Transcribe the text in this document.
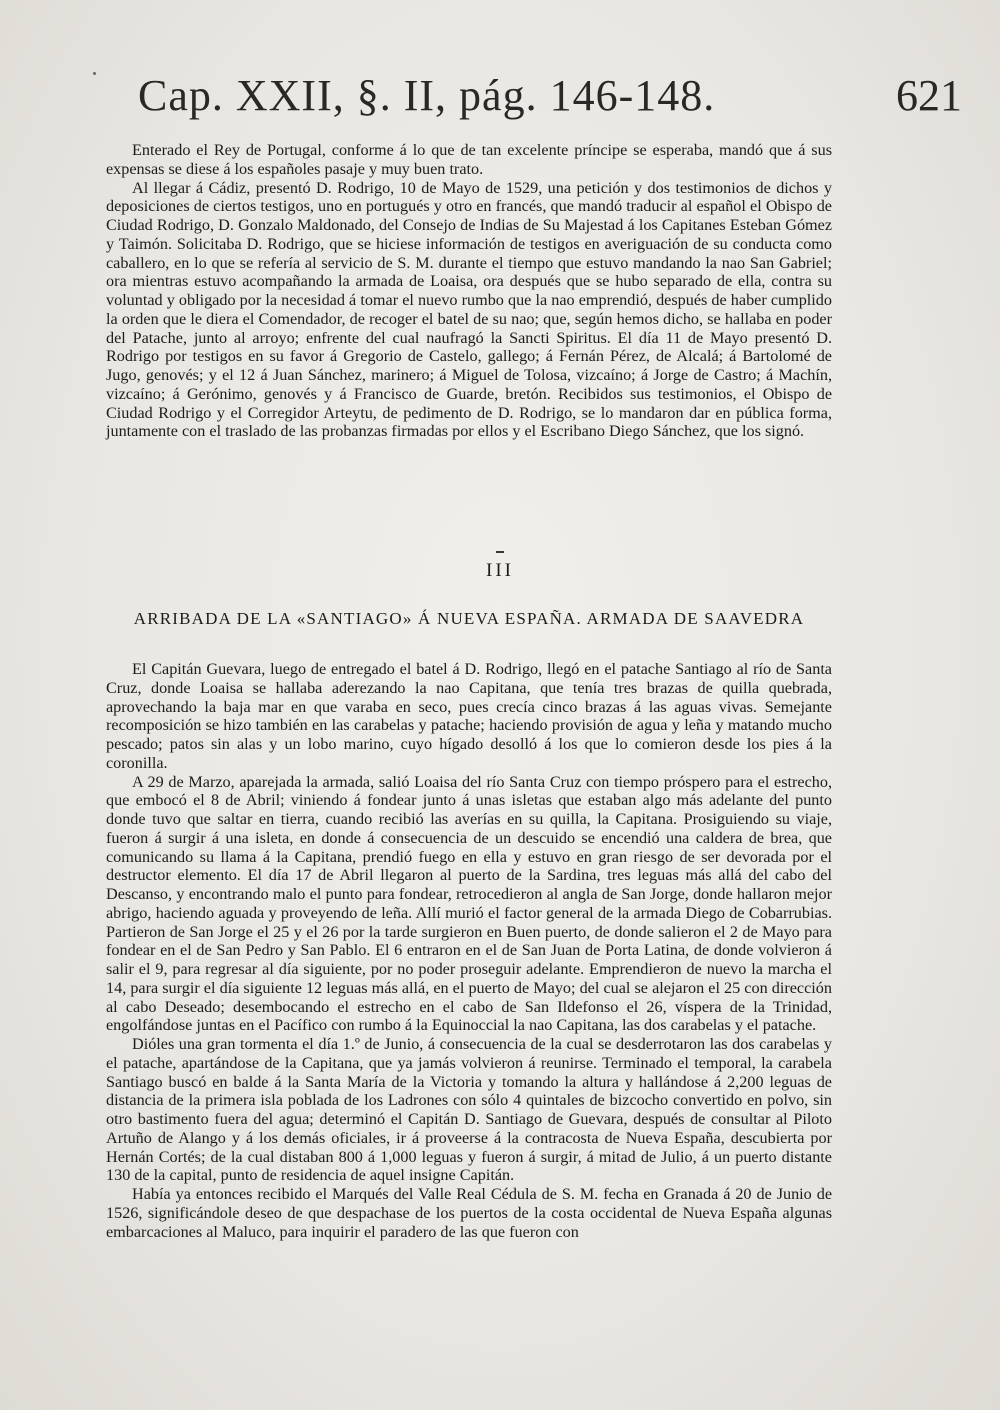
Cap. XXII, §. II, pág. 146-148.	621

Enterado el Rey de Portugal, conforme á lo que de tan excelente príncipe se esperaba, mandó que á sus expensas se diese á los españoles pasaje y muy buen trato.

Al llegar á Cádiz, presentó D. Rodrigo, 10 de Mayo de 1529, una petición y dos testimonios de dichos y deposiciones de ciertos testigos, uno en portugués y otro en francés, que mandó traducir al español el Obispo de Ciudad Rodrigo, D. Gonzalo Maldonado, del Consejo de Indias de Su Majestad á los Capitanes Esteban Gómez y Taimón. Solicitaba D. Rodrigo, que se hiciese información de testigos en averiguación de su conducta como caballero, en lo que se refería al servicio de S. M. durante el tiempo que estuvo mandando la nao San Gabriel; ora mientras estuvo acompañando la armada de Loaisa, ora después que se hubo separado de ella, contra su voluntad y obligado por la necesidad á tomar el nuevo rumbo que la nao emprendió, después de haber cumplido la orden que le diera el Comendador, de recoger el batel de su nao; que, según hemos dicho, se hallaba en poder del Patache, junto al arroyo; enfrente del cual naufragó la Sancti Spiritus. El día 11 de Mayo presentó D. Rodrigo por testigos en su favor á Gregorio de Castelo, gallego; á Fernán Pérez, de Alcalá; á Bartolomé de Jugo, genovés; y el 12 á Juan Sánchez, marinero; á Miguel de Tolosa, vizcaíno; á Jorge de Castro; á Machín, vizcaíno; á Gerónimo, genovés y á Francisco de Guarde, bretón. Recibidos sus testimonios, el Obispo de Ciudad Rodrigo y el Corregidor Arteytu, de pedimento de D. Rodrigo, se lo mandaron dar en pública forma, juntamente con el traslado de las probanzas firmadas por ellos y el Escribano Diego Sánchez, que los signó.

III
ARRIBADA DE LA «SANTIAGO» Á NUEVA ESPAÑA. ARMADA DE SAAVEDRA

El Capitán Guevara, luego de entregado el batel á D. Rodrigo, llegó en el patache Santiago al río de Santa Cruz, donde Loaisa se hallaba aderezando la nao Capitana, que tenía tres brazas de quilla quebrada, aprovechando la baja mar en que varaba en seco, pues crecía cinco brazas á las aguas vivas. Semejante recomposición se hizo también en las carabelas y patache; haciendo provisión de agua y leña y matando mucho pescado; patos sin alas y un lobo marino, cuyo hígado desolló á los que lo comieron desde los pies á la coronilla.

A 29 de Marzo, aparejada la armada, salió Loaisa del río Santa Cruz con tiempo próspero para el estrecho, que embocó el 8 de Abril; viniendo á fondear junto á unas isletas que estaban algo más adelante del punto donde tuvo que saltar en tierra, cuando recibió las averías en su quilla, la Capitana. Prosiguiendo su viaje, fueron á surgir á una isleta, en donde á consecuencia de un descuido se encendió una caldera de brea, que comunicando su llama á la Capitana, prendió fuego en ella y estuvo en gran riesgo de ser devorada por el destructor elemento. El día 17 de Abril llegaron al puerto de la Sardina, tres leguas más allá del cabo del Descanso, y encontrando malo el punto para fondear, retrocedieron al angla de San Jorge, donde hallaron mejor abrigo, haciendo aguada y proveyendo de leña. Allí murió el factor general de la armada Diego de Cobarrubias. Partieron de San Jorge el 25 y el 26 por la tarde surgieron en Buen puerto, de donde salieron el 2 de Mayo para fondear en el de San Pedro y San Pablo. El 6 entraron en el de San Juan de Porta Latina, de donde volvieron á salir el 9, para regresar al día siguiente, por no poder proseguir adelante. Emprendieron de nuevo la marcha el 14, para surgir el día siguiente 12 leguas más allá, en el puerto de Mayo; del cual se alejaron el 25 con dirección al cabo Deseado; desembocando el estrecho en el cabo de San Ildefonso el 26, víspera de la Trinidad, engolfándose juntas en el Pacífico con rumbo á la Equinoccial la nao Capitana, las dos carabelas y el patache.

Dióles una gran tormenta el día 1.º de Junio, á consecuencia de la cual se desderrotaron las dos carabelas y el patache, apartándose de la Capitana, que ya jamás volvieron á reunirse. Terminado el temporal, la carabela Santiago buscó en balde á la Santa María de la Victoria y tomando la altura y hallándose á 2,200 leguas de distancia de la primera isla poblada de los Ladrones con sólo 4 quintales de bizcocho convertido en polvo, sin otro bastimento fuera del agua; determinó el Capitán D. Santiago de Guevara, después de consultar al Piloto Artuño de Alango y á los demás oficiales, ir á proveerse á la contracosta de Nueva España, descubierta por Hernán Cortés; de la cual distaban 800 á 1,000 leguas y fueron á surgir, á mitad de Julio, á un puerto distante 130 de la capital, punto de residencia de aquel insigne Capitán.

Había ya entonces recibido el Marqués del Valle Real Cédula de S. M. fecha en Granada á 20 de Junio de 1526, significándole deseo de que despachase de los puertos de la costa occidental de Nueva España algunas embarcaciones al Maluco, para inquirir el paradero de las que fueron con
